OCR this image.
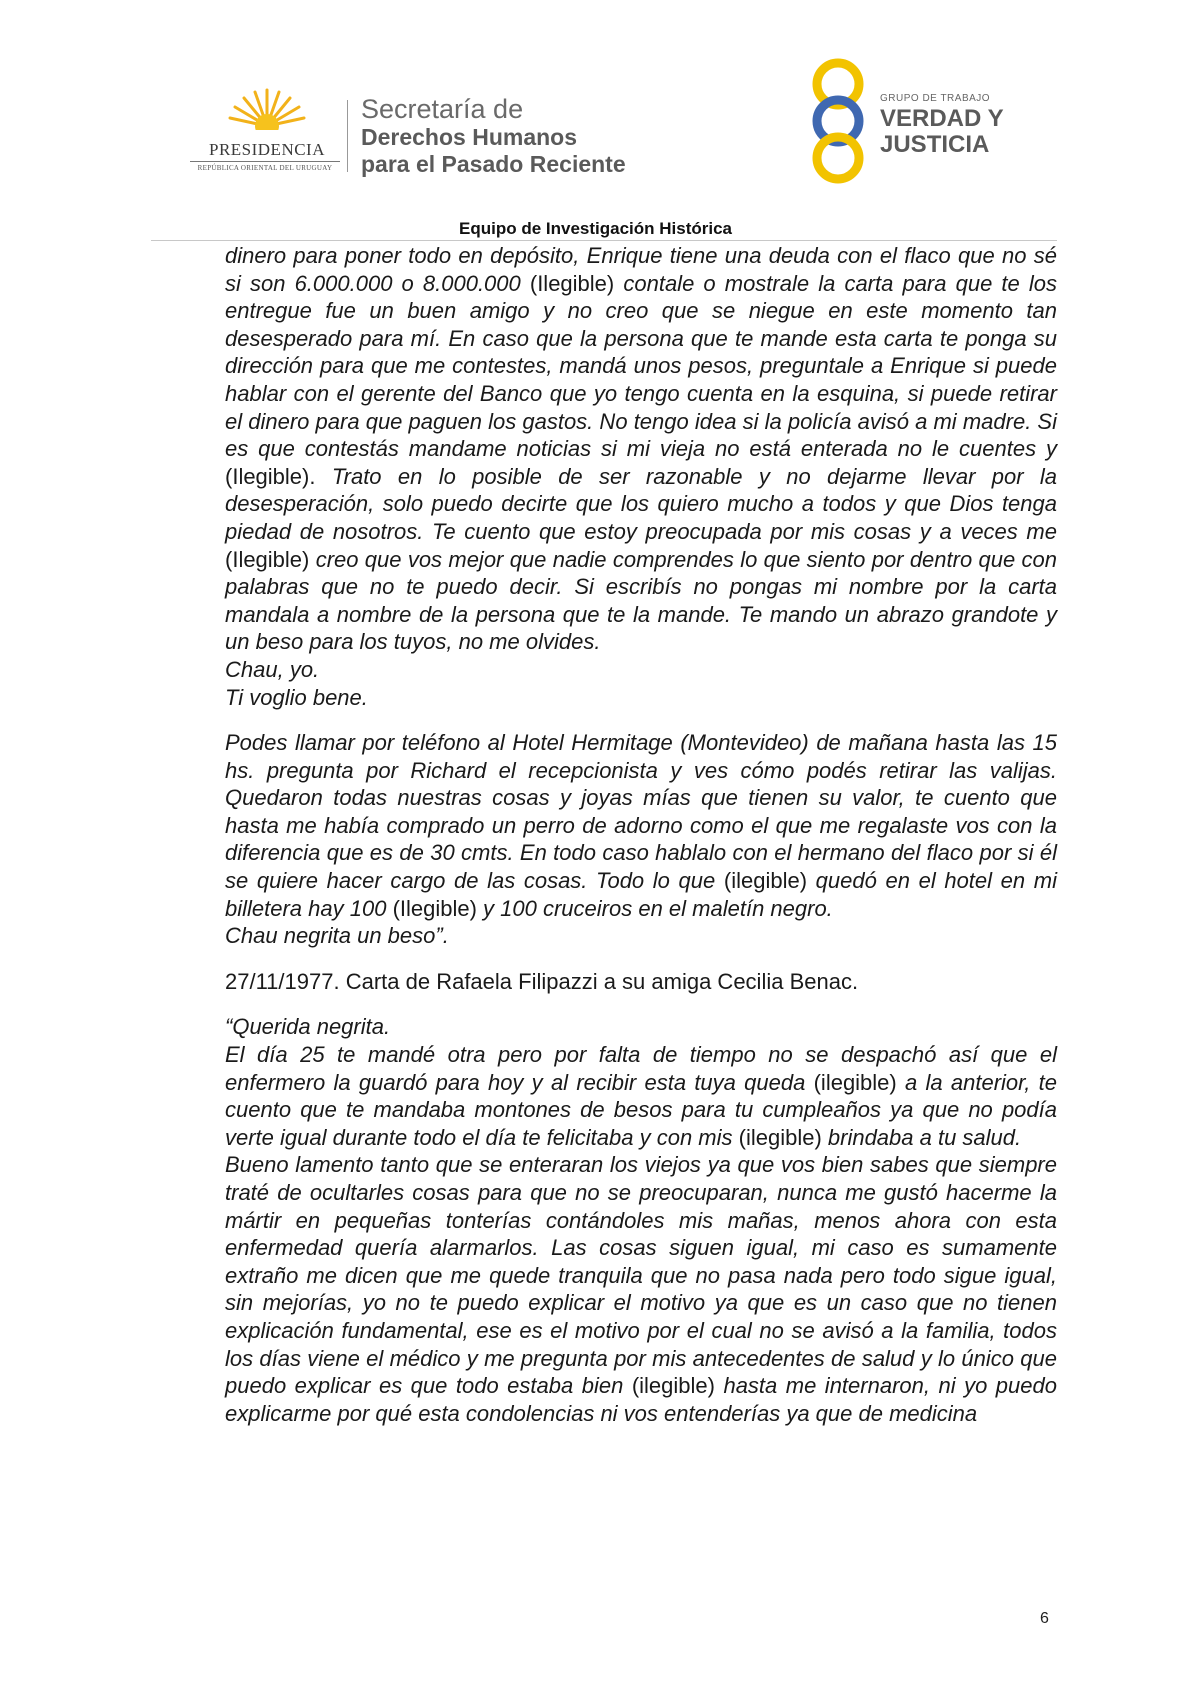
PRESIDENCIA
REPÚBLICA ORIENTAL DEL URUGUAY
Secretaría de
Derechos Humanos
para el Pasado Reciente
GRUPO DE TRABAJO
VERDAD Y
JUSTICIA
Equipo de Investigación Histórica

dinero para poner todo en depósito, Enrique tiene una deuda con el flaco que no sé si son 6.000.000 o 8.000.000 (Ilegible) contale o mostrale la carta para que te los entregue fue un buen amigo y no creo que se niegue en este momento tan desesperado para mí. En caso que la persona que te mande esta carta te ponga su dirección para que me contestes, mandá unos pesos, preguntale a Enrique si puede hablar con el gerente del Banco que yo tengo cuenta en la esquina, si puede retirar el dinero para que paguen los gastos. No tengo idea si la policía avisó a mi madre. Si es que contestás mandame noticias si mi vieja no está enterada no le cuentes y (Ilegible). Trato en lo posible de ser razonable y no dejarme llevar por la desesperación, solo puedo decirte que los quiero mucho a todos y que Dios tenga piedad de nosotros. Te cuento que estoy preocupada por mis cosas y a veces me (Ilegible) creo que vos mejor que nadie comprendes lo que siento por dentro que con palabras que no te puedo decir. Si escribís no pongas mi nombre por la carta mandala a nombre de la persona que te la mande. Te mando un abrazo grandote y un beso para los tuyos, no me olvides.

Chau, yo.

Ti voglio bene.

Podes llamar por teléfono al Hotel Hermitage (Montevideo) de mañana hasta las 15 hs. pregunta por Richard el recepcionista y ves cómo podés retirar las valijas. Quedaron todas nuestras cosas y joyas mías que tienen su valor, te cuento que hasta me había comprado un perro de adorno como el que me regalaste vos con la diferencia que es de 30 cmts. En todo caso hablalo con el hermano del flaco por si él se quiere hacer cargo de las cosas. Todo lo que (ilegible) quedó en el hotel en mi billetera hay 100 (Ilegible) y 100 cruceiros en el maletín negro.

Chau negrita un beso”.

27/11/1977. Carta de Rafaela Filipazzi a su amiga Cecilia Benac.

“Querida negrita.

El día 25 te mandé otra pero por falta de tiempo no se despachó así que el enfermero la guardó para hoy y al recibir esta tuya queda (ilegible) a la anterior, te cuento que te mandaba montones de besos para tu cumpleaños ya que no podía verte igual durante todo el día te felicitaba y con mis (ilegible) brindaba a tu salud.

Bueno lamento tanto que se enteraran los viejos ya que vos bien sabes que siempre traté de ocultarles cosas para que no se preocuparan, nunca me gustó hacerme la mártir en pequeñas tonterías contándoles mis mañas, menos ahora con esta enfermedad quería alarmarlos. Las cosas siguen igual, mi caso es sumamente extraño me dicen que me quede tranquila que no pasa nada pero todo sigue igual, sin mejorías, yo no te puedo explicar el motivo ya que es un caso que no tienen explicación fundamental, ese es el motivo por el cual no se avisó a la familia, todos los días viene el médico y me pregunta por mis antecedentes de salud y lo único que puedo explicar es que todo estaba bien (ilegible) hasta me internaron, ni yo puedo explicarme por qué esta condolencias ni vos entenderías ya que de medicina

6
